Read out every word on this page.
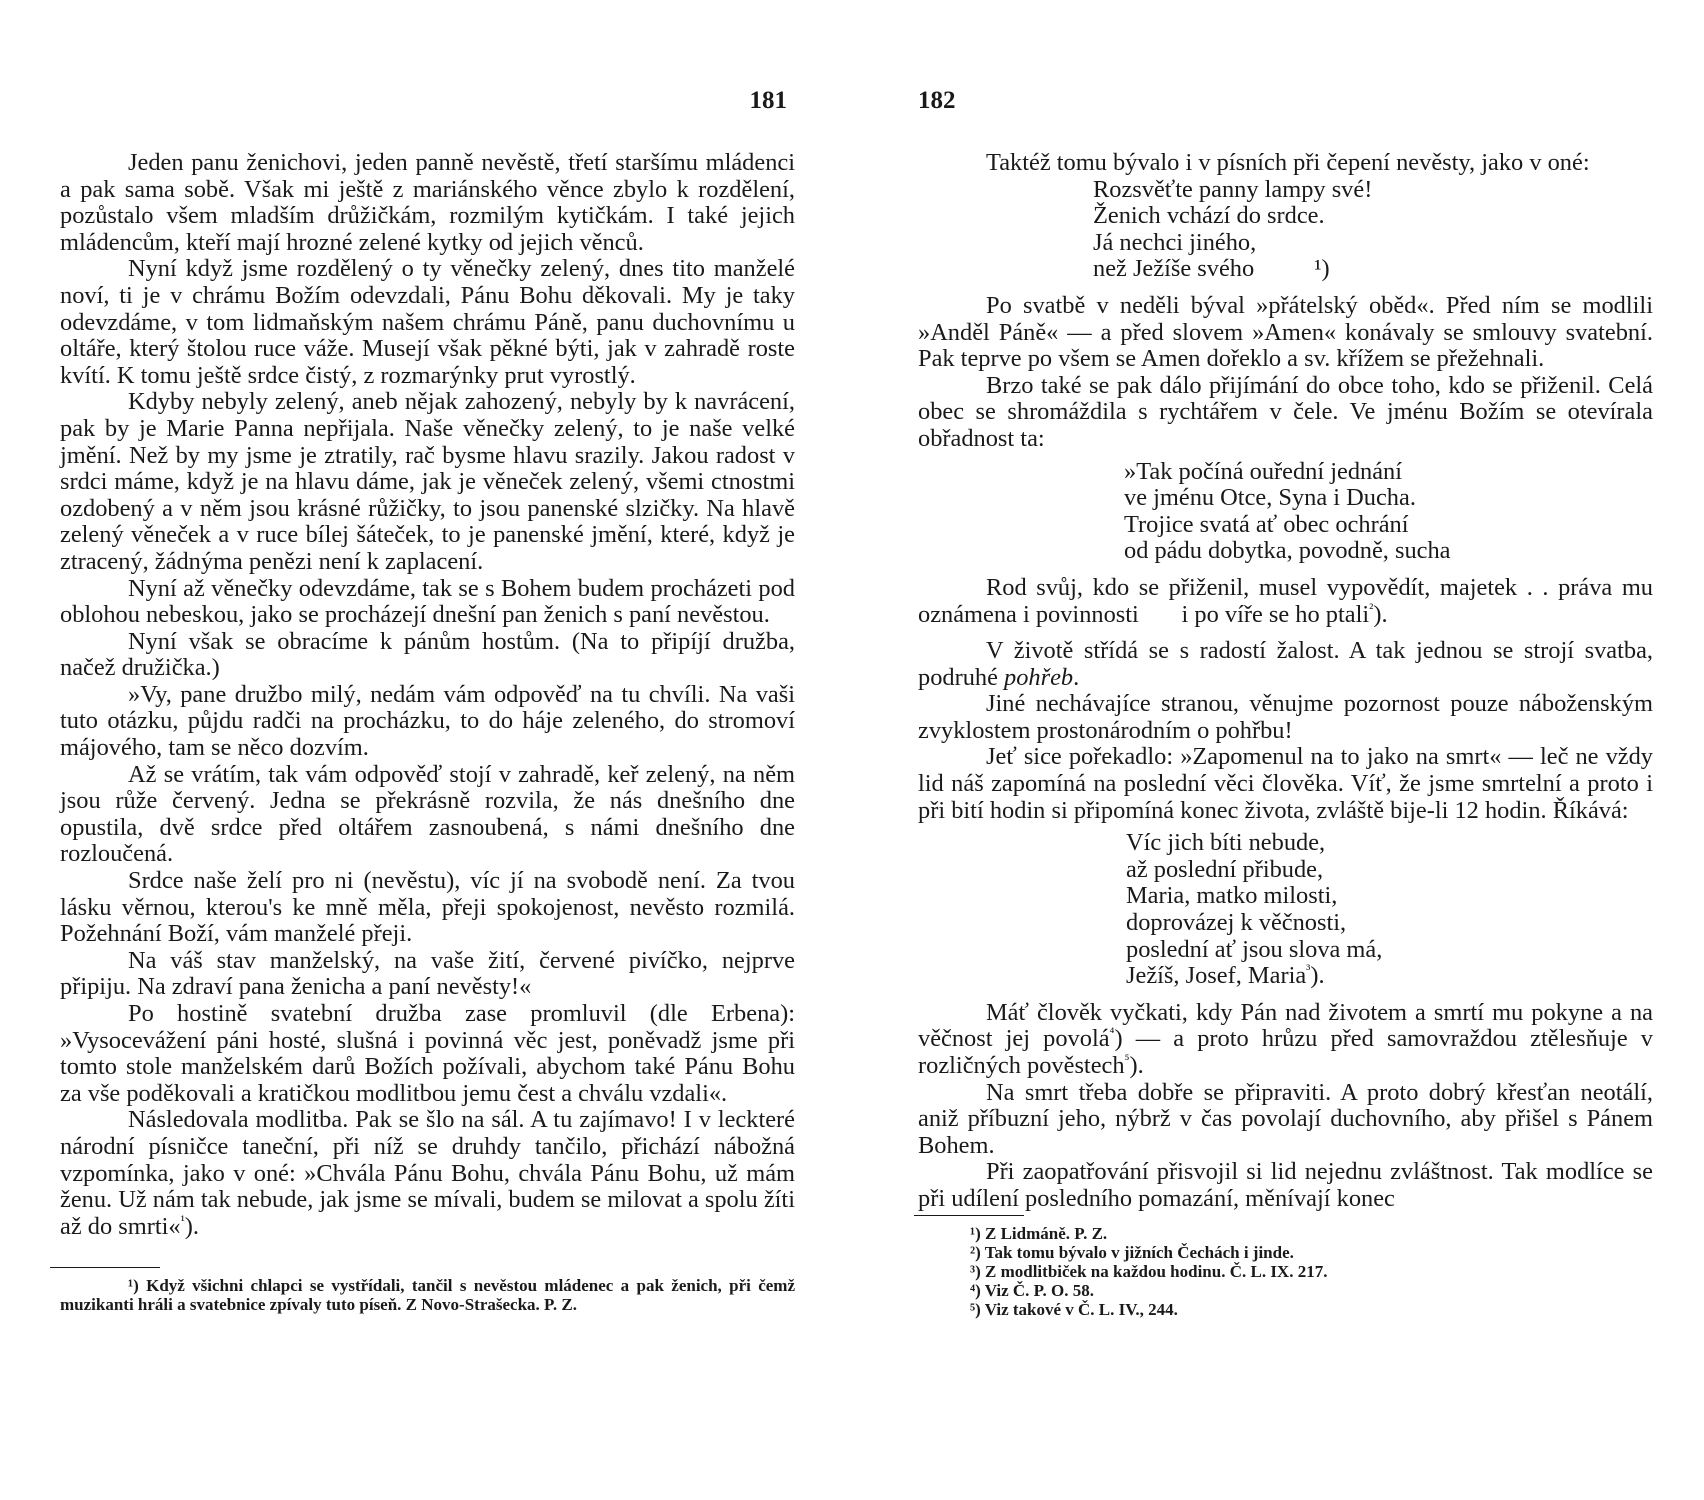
181

Jeden panu ženichovi, jeden panně nevěstě, třetí staršímu mládenci a pak sama sobě. Však mi ještě z mariánského věnce zbylo k rozdělení, pozůstalo všem mladším drůžičkám, rozmilým kytičkám. I také jejich mládencům, kteří mají hrozné zelené kytky od jejich věnců.

Nyní když jsme rozdělený o ty věnečky zelený, dnes tito manželé noví, ti je v chrámu Božím odevzdali, Pánu Bohu děkovali. My je taky odevzdáme, v tom lidmaňským našem chrámu Páně, panu duchovnímu u oltáře, který štolou ruce váže. Musejí však pěkné býti, jak v zahradě roste kvítí. K tomu ještě srdce čistý, z rozmarýnky prut vyrostlý.

Kdyby nebyly zelený, aneb nějak zahozený, nebyly by k navrácení, pak by je Marie Panna nepřijala. Naše věnečky zelený, to je naše velké jmění. Než by my jsme je ztratily, rač bysme hlavu srazily. Jakou radost v srdci máme, když je na hlavu dáme, jak je věneček zelený, všemi ctnostmi ozdobený a v něm jsou krásné růžičky, to jsou panenské slzičky. Na hlavě zelený věneček a v ruce bílej šáteček, to je panenské jmění, které, když je ztracený, žádnýma penězi není k zaplacení.

Nyní až věnečky odevzdáme, tak se s Bohem budem procházeti pod oblohou nebeskou, jako se procházejí dnešní pan ženich s paní nevěstou.

Nyní však se obracíme k pánům hostům. (Na to připíjí družba, načež družička.)

»Vy, pane družbo milý, nedám vám odpověď na tu chvíli. Na vaši tuto otázku, půjdu radči na procházku, to do háje zeleného, do stromoví májového, tam se něco dozvím.

Až se vrátím, tak vám odpověď stojí v zahradě, keř zelený, na něm jsou růže červený. Jedna se překrásně rozvila, že nás dnešního dne opustila, dvě srdce před oltářem zasnoubená, s námi dnešního dne rozloučená.

Srdce naše želí pro ni (nevěstu), víc jí na svobodě není. Za tvou lásku věrnou, kterou's ke mně měla, přeji spokojenost, nevěsto rozmilá. Požehnání Boží, vám manželé přeji.

Na váš stav manželský, na vaše žití, červené pivíčko, nejprve připiju. Na zdraví pana ženicha a paní nevěsty!«

Po hostině svatební družba zase promluvil (dle Erbena): »Vysocevážení páni hosté, slušná i povinná věc jest, poněvadž jsme při tomto stole manželském darů Božích požívali, abychom také Pánu Bohu za vše poděkovali a kratičkou modlitbou jemu čest a chválu vzdali«.

Následovala modlitba. Pak se šlo na sál. A tu zajímavo! I v leckteré národní písničce taneční, při níž se druhdy tančilo, přichází nábožná vzpomínka, jako v oné: »Chvála Pánu Bohu, chvála Pánu Bohu, už mám ženu. Už nám tak nebude, jak jsme se mívali, budem se milovat a spolu žíti až do smrti«$^{^1}$).

¹) Když všichni chlapci se vystřídali, tančil s nevěstou mládenec a pak ženich, při čemž muzikanti hráli a svatebnice zpívaly tuto píseň. Z Novo-Strašecka. P. Z.

182

Taktéž tomu bývalo i v písních při čepení nevěsty, jako v oné:

Rozsvěťte panny lampy své!
Ženich vchází do srdce.
Já nechci jiného,
než Ježíše svého ¹)

Po svatbě v neděli býval »přátelský oběd«. Před ním se modlili »Anděl Páně« — a před slovem »Amen« konávaly se smlouvy svatební. Pak teprve po všem se Amen dořeklo a sv. křížem se přežehnali.

Brzo také se pak dálo přijímání do obce toho, kdo se přiženil. Celá obec se shromáždila s rychtářem v čele. Ve jménu Božím se otevírala obřadnost ta:

»Tak počíná ouřední jednání
ve jménu Otce, Syna i Ducha.
Trojice svatá ať obec ochrání
od pádu dobytka, povodně, sucha

Rod svůj, kdo se přiženil, musel vypovědít, majetek . . práva mu oznámena i povinnosti       i po víře se ho ptali$^{^2}$).

V životě střídá se s radostí žalost. A tak jednou se strojí svatba, podruhé pohřeb.

Jiné nechávajíce stranou, věnujme pozornost pouze náboženským zvyklostem prostonárodním o pohřbu!

Jeť sice pořekadlo: »Zapomenul na to jako na smrt« — leč ne vždy lid náš zapomíná na poslední věci člověka. Víť, že jsme smrtelní a proto i při bití hodin si připomíná konec života, zvláště bije-li 12 hodin. Říkává:

Víc jich bíti nebude,
až poslední přibude,
Maria, matko milosti,
doprovázej k věčnosti,
poslední ať jsou slova má,
Ježíš, Josef, Maria$^{^3}$).

Máť člověk vyčkati, kdy Pán nad životem a smrtí mu pokyne a na věčnost jej povolá$^{^4}$) — a proto hrůzu před samovraždou ztělesňuje v rozličných pověstech$^{^5}$).

Na smrt třeba dobře se připraviti. A proto dobrý křesťan neotálí, aniž příbuzní jeho, nýbrž v čas povolají duchovního, aby přišel s Pánem Bohem.

Při zaopatřování přisvojil si lid nejednu zvláštnost. Tak modlíce se při udílení posledního pomazání, měnívají konec

¹) Z Lidmáně. P. Z.
²) Tak tomu bývalo v jižních Čechách i jinde.
³) Z modlitbiček na každou hodinu. Č. L. IX. 217.
⁴) Viz Č. P. O. 58.
⁵) Viz takové v Č. L. IV., 244.
